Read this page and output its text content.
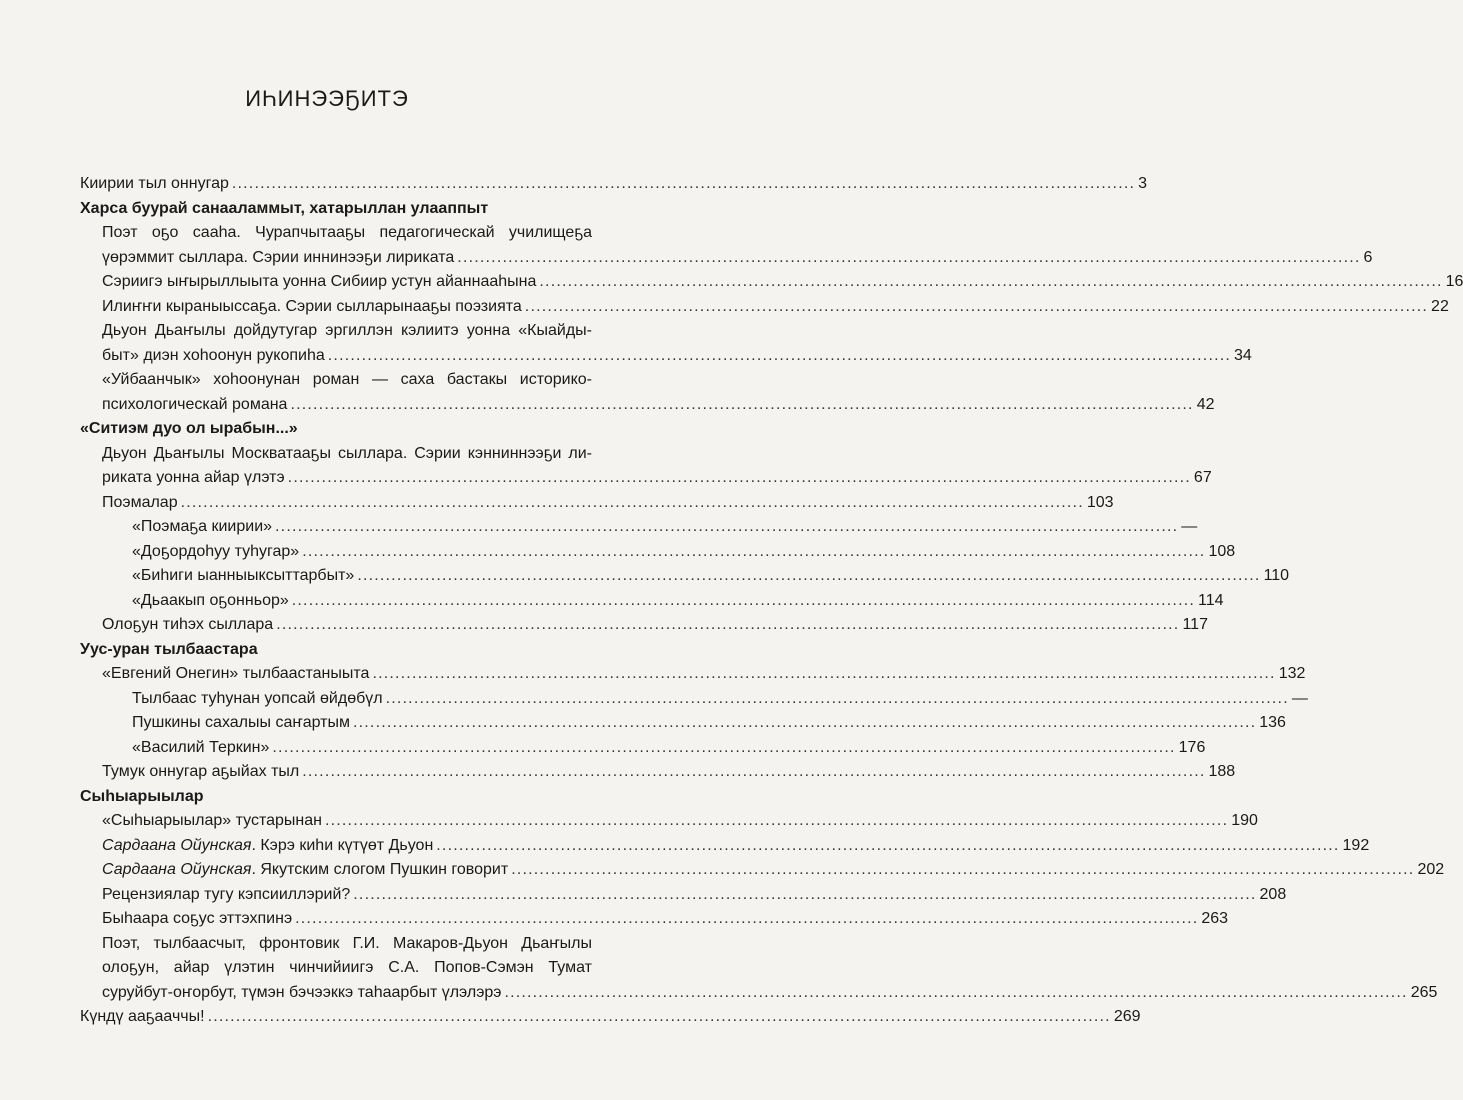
ИҺИНЭЭҔИТЭ
Киирии тыл оннугар .....	3
Харса буурай санааламмыт, хатарыллан улааппыт
Поэт оҕо сааһа. Чурапчытааҕы педагогическай училищеҕа
үөрэммит сыллара. Сэрии иннинээҕи лириката .....	6
Сэриигэ ыҥырыллыыта уонна Сибиир устун айаннааһына .....	16
Илиҥҥи кыраныыссаҕа. Сэрии сылларынааҕы поэзията .....	22
Дьуон Дьаҥылы дойдутугар эргиллэн кэлиитэ уонна «Кыайды-
быт» диэн хоһоонун рукопиһа .....	34
«Уйбаанчык» хоһоонунан роман — саха бастакы историко-
психологическай романа .....	42
«Ситиэм дуо ол ырабын...»
Дьуон Дьаҥылы Москватааҕы сыллара. Сэрии кэнниннээҕи ли-
риката уонна айар үлэтэ .....	67
Поэмалар .....	103
«Поэмаҕа киирии» .....	—
«Доҕордоһуу туһугар» .....	108
«Биһиги ыанныыксыттарбыт» .....	110
«Дьаакып оҕонньор» .....	114
Олоҕун тиһэх сыллара .....	117
Уус-уран тылбаастара
«Евгений Онегин» тылбаастаныыта .....	132
Тылбаас туһунан уопсай өйдөбүл .....	—
Пушкины сахалыы саҥартым .....	136
«Василий Теркин» .....	176
Тумук оннугар аҕыйах тыл .....	188
Сыһыарыылар
«Сыһыарыылар» тустарынан .....	190
Сардаана Ойунская. Кэрэ киһи күтүөт Дьуон .....	192
Сардаана Ойунская. Якутским слогом Пушкин говорит .....	202
Рецензиялар тугу кэпсииллэрий? .....	208
Быһаара соҕус эттэхпинэ .....	263
Поэт, тылбаасчыт, фронтовик Г.И. Макаров-Дьуон Дьаҥылы
олоҕун, айар үлэтин чинчийиигэ С.А. Попов-Сэмэн Тумат
суруйбут-оҥорбут, түмэн бэчээккэ таһаарбыт үлэлэрэ .....	265
Күндү ааҕааччы! .....	269
